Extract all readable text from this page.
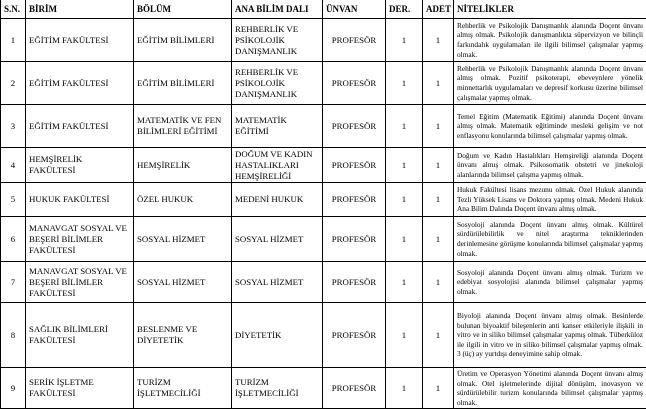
S.N.	BİRİM	BÖLÜM	ANA BİLİM DALI	ÜNVAN	DER.	ADET	NİTELİKLER
1	EĞİTİM FAKÜLTESİ	EĞİTİM BİLİMLERİ	REHBERLİK VE PSİKOLOJİK DANIŞMANLIK	PROFESÖR	1	1	Rehberlik ve Psikolojik Danışmanlık alanında Doçent ünvanı almış olmak. Psikolojik danışmanlıkta süpervizyon ve bilinçli farkındalık uygulamaları ile ilgili bilimsel çalışmalar yapmış olmak.
2	EĞİTİM FAKÜLTESİ	EĞİTİM BİLİMLERİ	REHBERLİK VE PSİKOLOJİK DANIŞMANLIK	PROFESÖR	1	1	Rehberlik ve Psikolojik Danışmanlık alanında Doçent ünvanı almış olmak. Pozitif psikoterapi, ebeveynlere yönelik minnettarlık uygulamaları ve depresif korkusu üzerine bilimsel çalışmalar yapmış olmak.
3	EĞİTİM FAKÜLTESİ	MATEMATİK VE FEN BİLİMLERİ EĞİTİMİ	MATEMATİK EĞİTİMİ	PROFESÖR	1	1	Temel Eğitim (Matematik Eğitimi) alanında Doçent ünvanı almış olmak. Matematik eğitiminde mesleki gelişim ve not enflasyonu konularında bilimsel çalışmalar yapmış olmak.
4	HEMŞİRELİK FAKÜLTESİ	HEMŞİRELİK	DOĞUM VE KADIN HASTALIKLARI HEMŞİRELİĞİ	PROFESÖR	1	1	Doğum ve Kadın Hastalıkları Hemşireliği alanında Doçent ünvanı almış olmak. Psikosomatik obstetri ve jinekoloji alanlarında bilimsel çalışma yapmış olmak.
5	HUKUK FAKÜLTESİ	ÖZEL HUKUK	MEDENİ HUKUK	PROFESÖR	1	1	Hukuk Fakültesi lisans mezunu olmak. Özel Hukuk alanında Tezli Yüksek Lisans ve Doktora yapmış olmak. Medeni Hukuk Ana Bilim Dalında Doçent ünvanı almış olmak.
6	MANAVGAT SOSYAL VE BEŞERİ BİLİMLER FAKÜLTESİ	SOSYAL HİZMET	SOSYAL HİZMET	PROFESÖR	1	1	Sosyoloji alanında Doçent ünvanı almış olmak. Kültürel sürdürülebilirlik ve nitel araştırma tekniklerinden derinlemesine görüşme konularında bilimsel çalışmalar yapmış olmak.
7	MANAVGAT SOSYAL VE BEŞERİ BİLİMLER FAKÜLTESİ	SOSYAL HİZMET	SOSYAL HİZMET	PROFESÖR	1	1	Sosyoloji alanında Doçent ünvanı almış olmak. Turizm ve edebiyat sosyolojisi alanında bilimsel çalışmalar yapmış olmak.
8	SAĞLIK BİLİMLERİ FAKÜLTESİ	BESLENME VE DİYETETİK	DİYETETİK	PROFESÖR	1	1	Biyoloji alanında Doçent ünvanı almış olmak. Besinlerde bulunan biyoaktif bileşenlerin anti kanser etkileriyle ilişkili in vitro ve in siliko bilimsel çalışmalar yapmış olmak. Tüberküloz ile ilgili in vitro ve in siliko bilimsel çalışmalar yapmış olmak. 3 (üç) ay yurtdışı deneyimine sahip olmak.
9	SERİK İŞLETME FAKÜLTESİ	TURİZM İŞLETMECİLİĞİ	TURİZM İŞLETMECİLİĞİ	PROFESÖR	1	1	Üretim ve Operasyon Yönetimi alanında Doçent ünvanı almış olmak. Otel işletmelerinde dijital dönüşüm, inovasyon ve sürdürülebilir turizm konularında bilimsel çalışmalar yapmış olmak.
